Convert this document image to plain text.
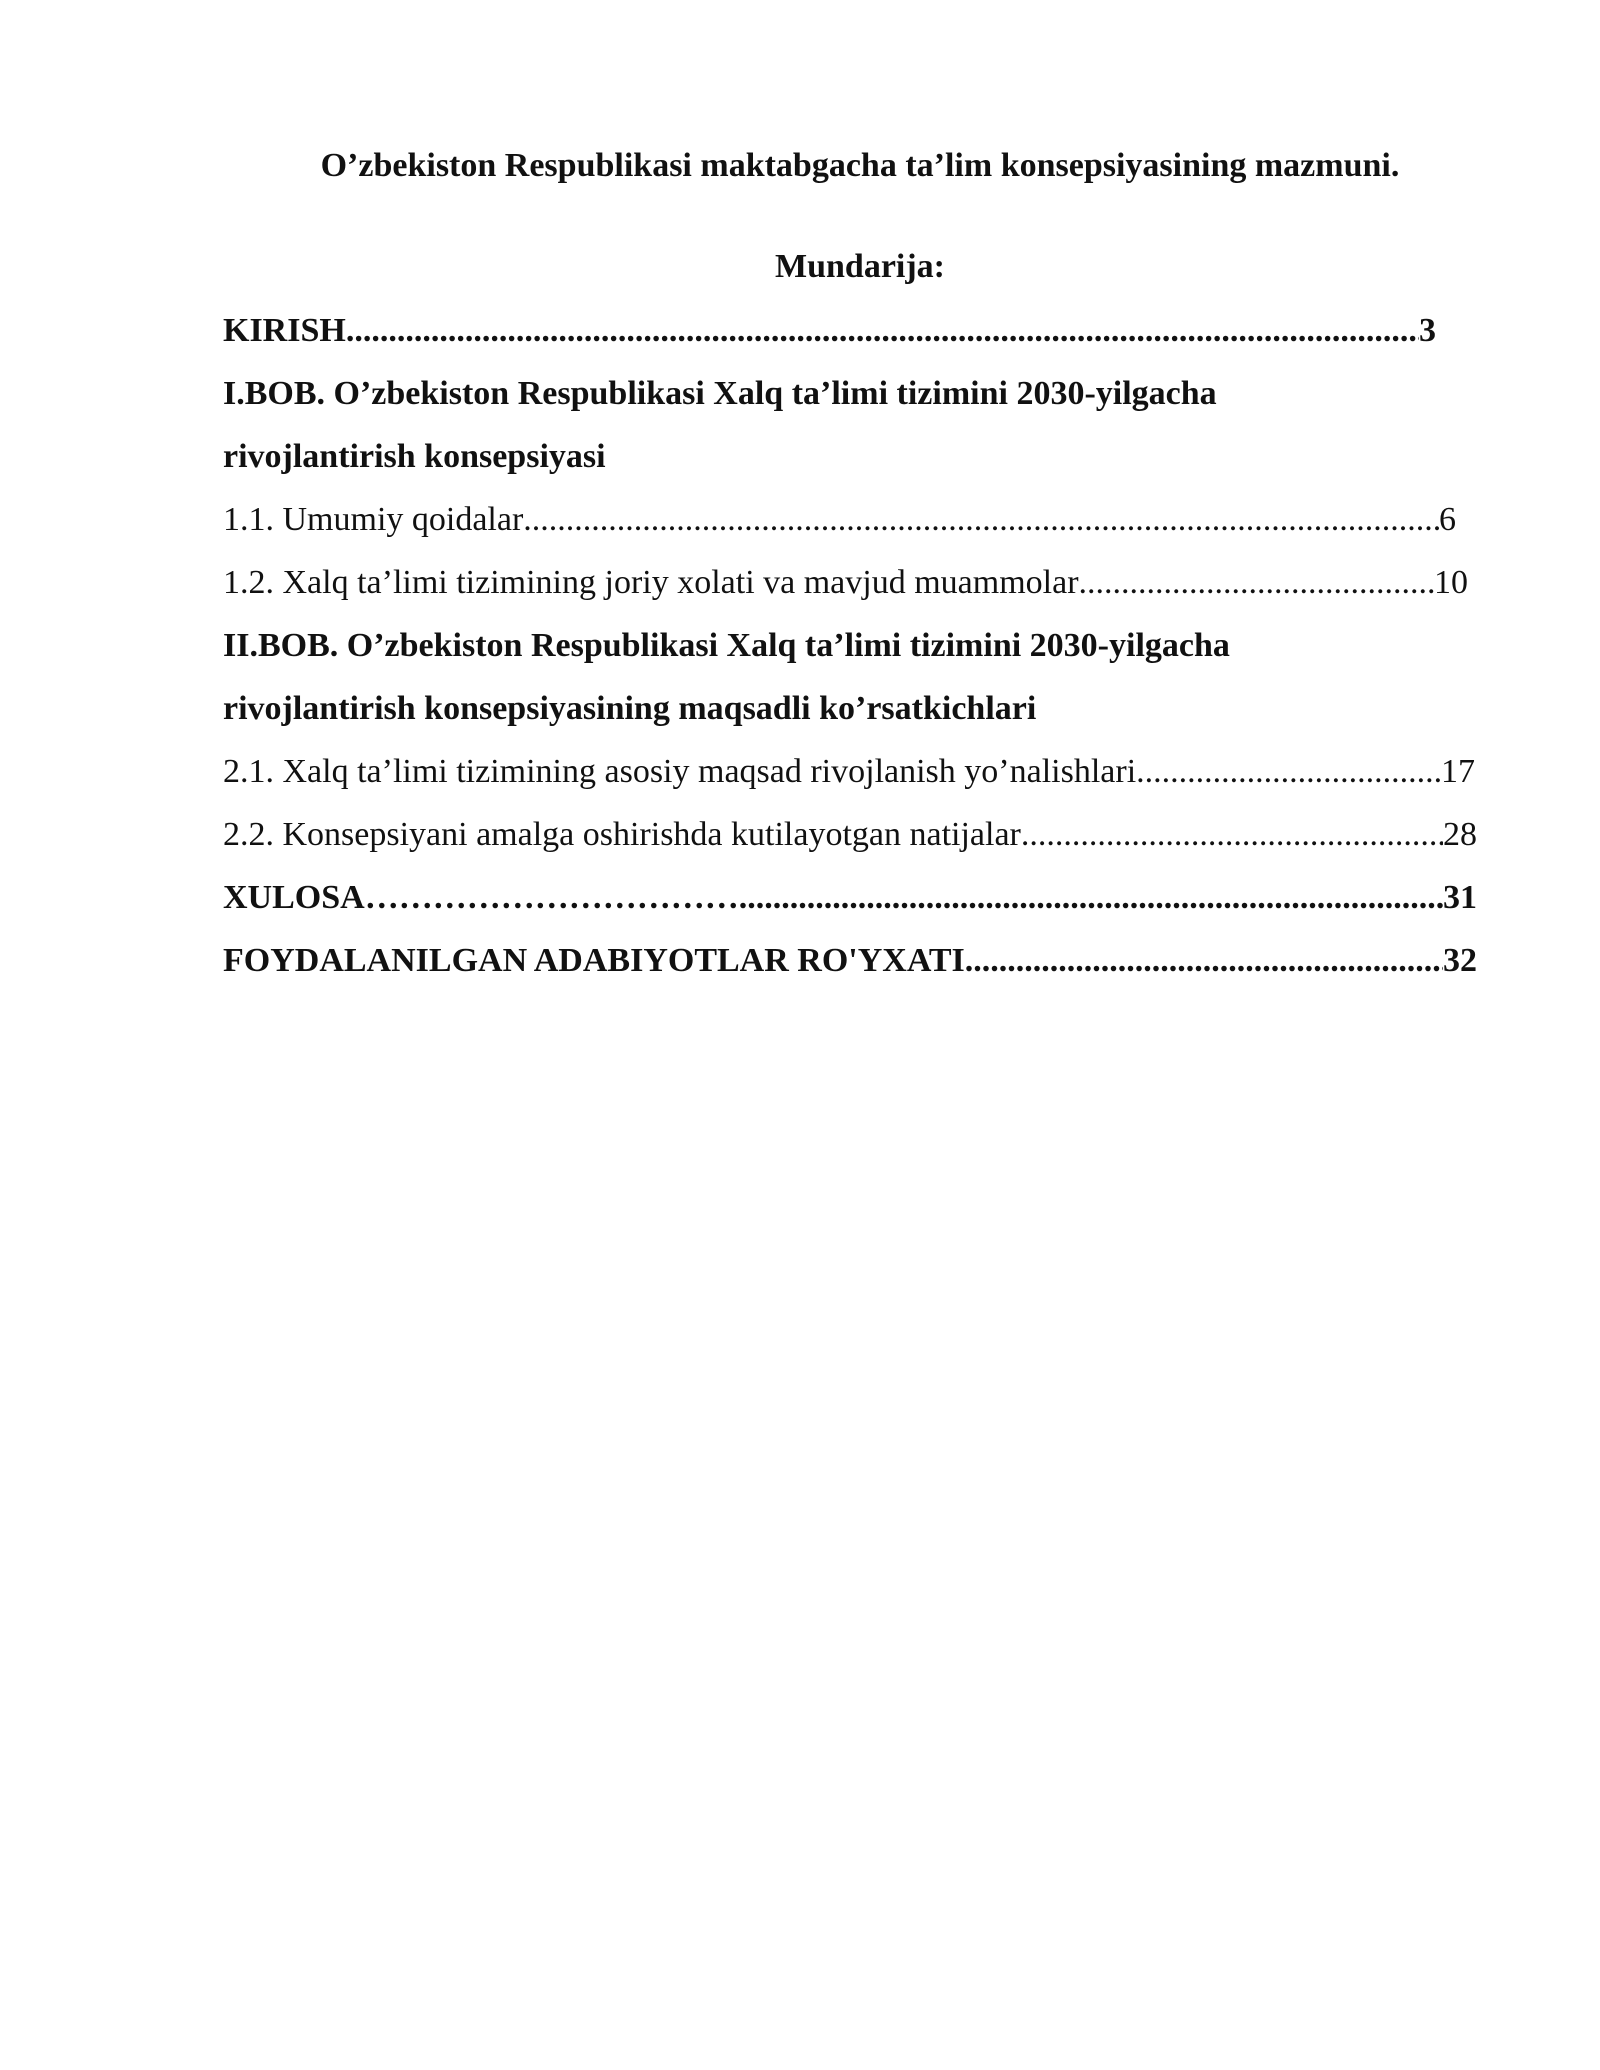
O’zbekiston Respublikasi maktabgacha ta’lim konsepsiyasining mazmuni.
Mundarija:
KIRISH .....	3
I.BOB. O’zbekiston Respublikasi Xalq ta’limi tizimini 2030-yilgacha
rivojlantirish konsepsiyasi
1.1. Umumiy qoidalar .....	6
1.2. Xalq ta’limi tizimining joriy xolati va mavjud muammolar .....	10
II.BOB. O’zbekiston Respublikasi Xalq ta’limi tizimini 2030-yilgacha
rivojlantirish konsepsiyasining maqsadli ko’rsatkichlari
2.1. Xalq ta’limi tizimining asosiy maqsad rivojlanish yo’nalishlari .....	17
2.2. Konsepsiyani amalga oshirishda kutilayotgan natijalar .....	28
XULOSA…………………………… .....	31
FOYDALANILGAN ADABIYOTLAR RO'YXATI .....	32
